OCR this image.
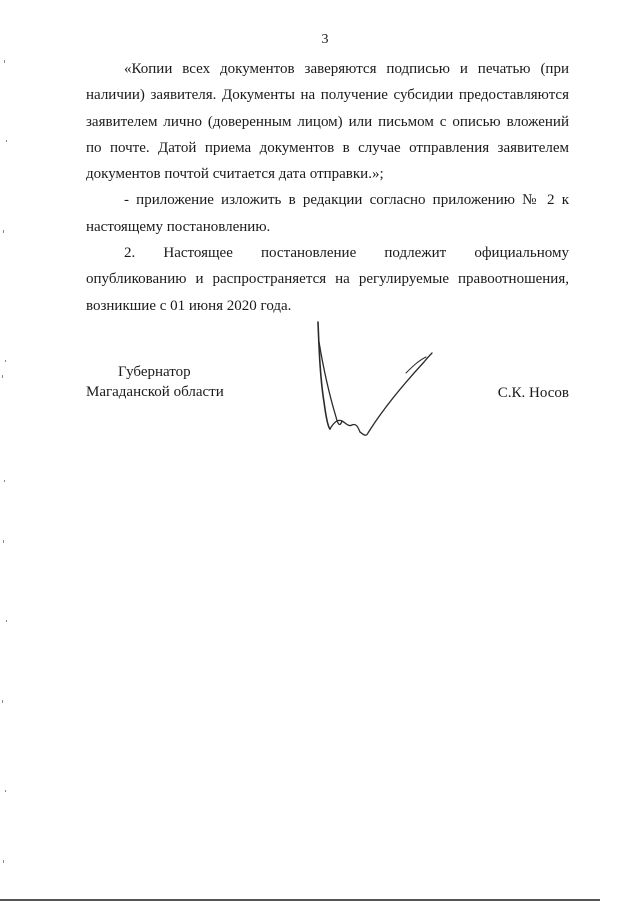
3

«Копии всех документов заверяются подписью и печатью (при наличии) заявителя. Документы на получение субсидии предоставляются заявителем лично (доверенным лицом) или письмом с описью вложений по почте. Датой приема документов в случае отправления заявителем документов почтой считается дата отправки.»;

- приложение изложить в редакции согласно приложению № 2 к настоящему постановлению.

2. Настоящее постановление подлежит официальному опубликованию и распространяется на регулируемые правоотношения, возникшие с 01 июня 2020 года.

Губернатор
Магаданской области	С.К. Носов
